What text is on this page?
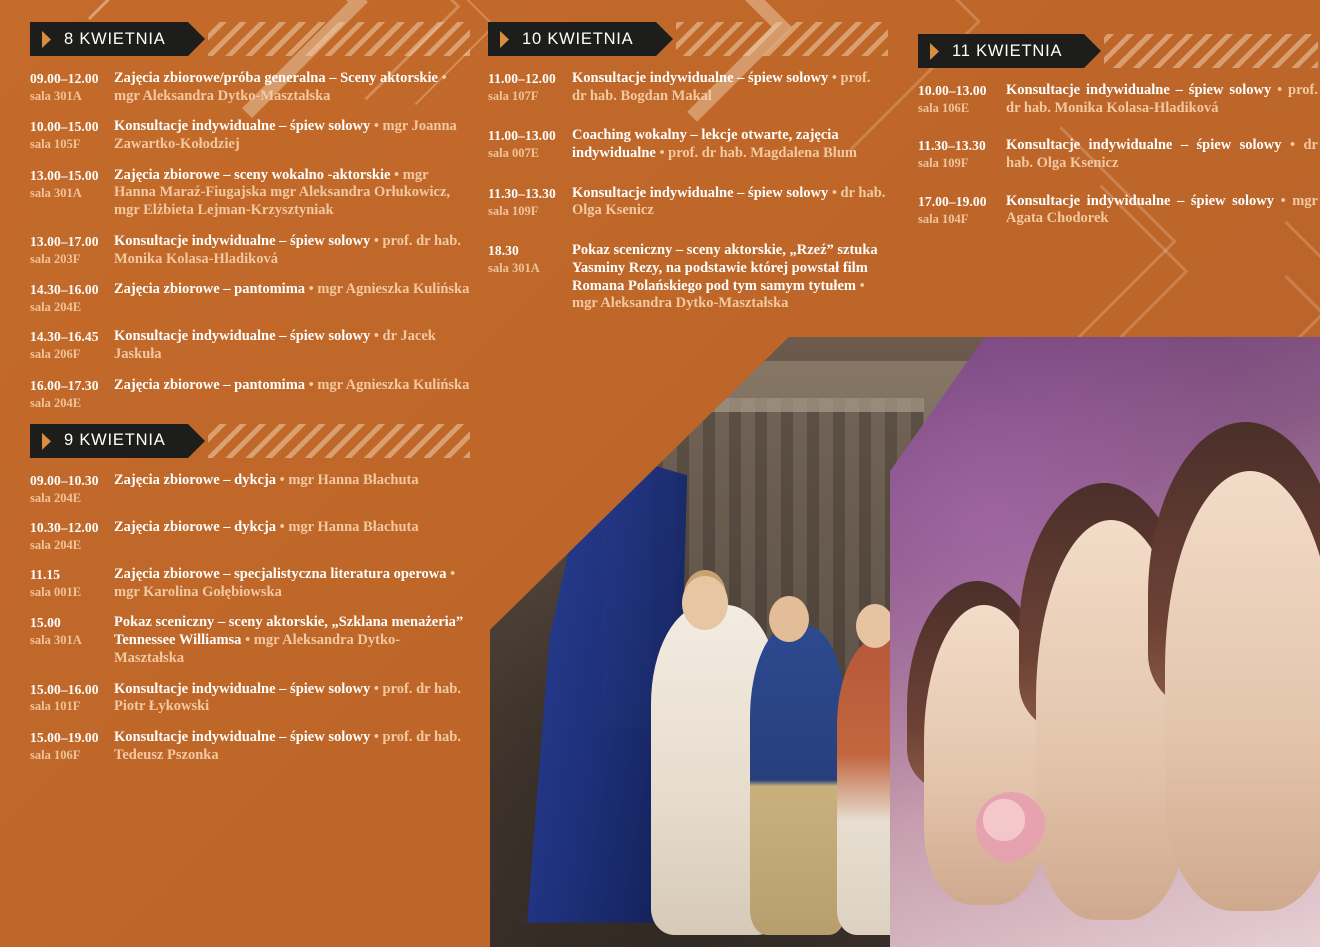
8 KWIETNIA
09.00–12.00
sala 301A
Zajęcia zbiorowe/próba generalna – Sceny aktorskie • mgr Aleksandra Dytko-Maształska
10.00–15.00
sala 105F
Konsultacje indywidualne – śpiew solowy • mgr Joanna Zawartko-Kołodziej
13.00–15.00
sala 301A
Zajęcia zbiorowe – sceny wokalno -aktorskie • mgr Hanna Maraź-Fiugajska mgr Aleksandra Orłukowicz, mgr Elżbieta Lejman-Krzysztyniak
13.00–17.00
sala 203F
Konsultacje indywidualne – śpiew solowy • prof. dr hab. Monika Kolasa-Hladiková
14.30–16.00
sala 204E
Zajęcia zbiorowe – pantomima • mgr Agnieszka Kulińska
14.30–16.45
sala 206F
Konsultacje indywidualne – śpiew solowy • dr Jacek Jaskuła
16.00–17.30
sala 204E
Zajęcia zbiorowe – pantomima • mgr Agnieszka Kulińska
9 KWIETNIA
09.00–10.30
sala 204E
Zajęcia zbiorowe – dykcja • mgr Hanna Błachuta
10.30–12.00
sala 204E
Zajęcia zbiorowe – dykcja • mgr Hanna Błachuta
11.15
sala 001E
Zajęcia zbiorowe – specjalistyczna literatura operowa • mgr Karolina Gołębiowska
15.00
sala 301A
Pokaz sceniczny – sceny aktorskie, „Szklana menażeria” Tennessee Williamsa • mgr Aleksandra Dytko-Maształska
15.00–16.00
sala 101F
Konsultacje indywidualne – śpiew solowy • prof. dr hab. Piotr Łykowski
15.00–19.00
sala 106F
Konsultacje indywidualne – śpiew solowy • prof. dr hab. Tedeusz Pszonka
10 KWIETNIA
11.00–12.00
sala 107F
Konsultacje indywidualne – śpiew solowy • prof. dr hab. Bogdan Makal
11.00–13.00
sala 007E
Coaching wokalny – lekcje otwarte, zajęcia indywidualne • prof. dr hab. Magdalena Blum
11.30–13.30
sala 109F
Konsultacje indywidualne – śpiew solowy • dr hab. Olga Ksenicz
18.30
sala 301A
Pokaz sceniczny – sceny aktorskie, „Rzeź” sztuka Yasminy Rezy, na podstawie której powstał film Romana Polańskiego pod tym samym tytułem • mgr Aleksandra Dytko-Maształska
11 KWIETNIA
10.00–13.00
sala 106E
Konsultacje indywidualne – śpiew solowy • prof. dr hab. Monika Kolasa-Hladiková
11.30–13.30
sala 109F
Konsultacje indywidualne – śpiew solowy • dr hab. Olga Ksenicz
17.00–19.00
sala 104F
Konsultacje indywidualne – śpiew solowy • mgr Agata Chodorek
